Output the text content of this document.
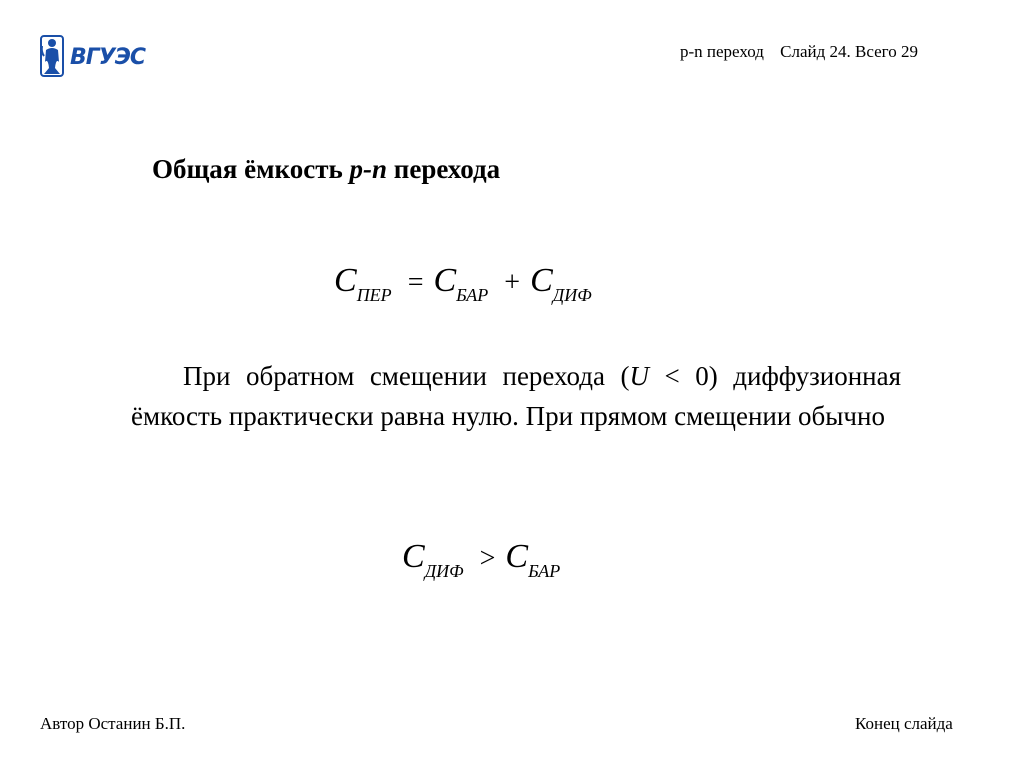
ВГУЭС	p-n переход Слайд 24. Всего 29
Общая ёмкость p-n перехода
CПЕР = CБАР + CДИФ

При обратном смещении перехода (U < 0) диффузионная ёмкость практически равна нулю. При прямом смещении обычно

CДИФ > CБАР
Автор Останин Б.П.	Конец слайда
